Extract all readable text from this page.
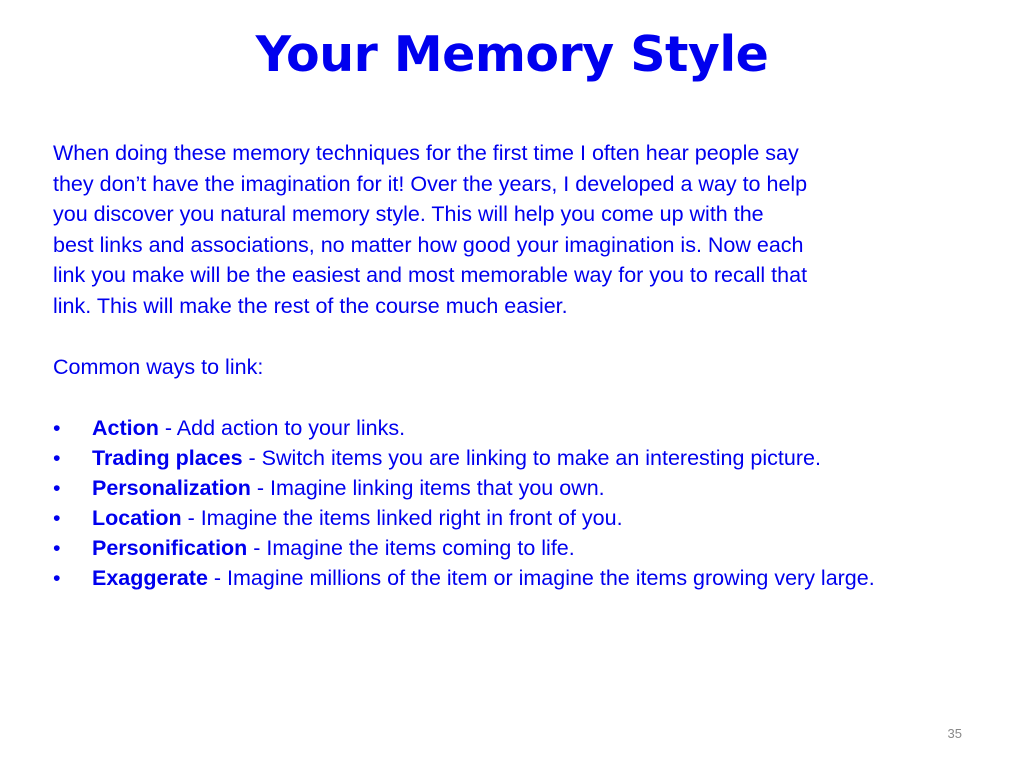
Your Memory Style

When doing these memory techniques for the first time I often hear people say
they don’t have the imagination for it! Over the years, I developed a way to help
you discover you natural memory style. This will help you come up with the
best links and associations, no matter how good your imagination is. Now each
link you make will be the easiest and most memorable way for you to recall that
link. This will make the rest of the course much easier.

Common ways to link:

• Action - Add action to your links.
• Trading places - Switch items you are linking to make an interesting picture.
• Personalization - Imagine linking items that you own.
• Location - Imagine the items linked right in front of you.
• Personification - Imagine the items coming to life.
• Exaggerate - Imagine millions of the item or imagine the items growing very large.
35
